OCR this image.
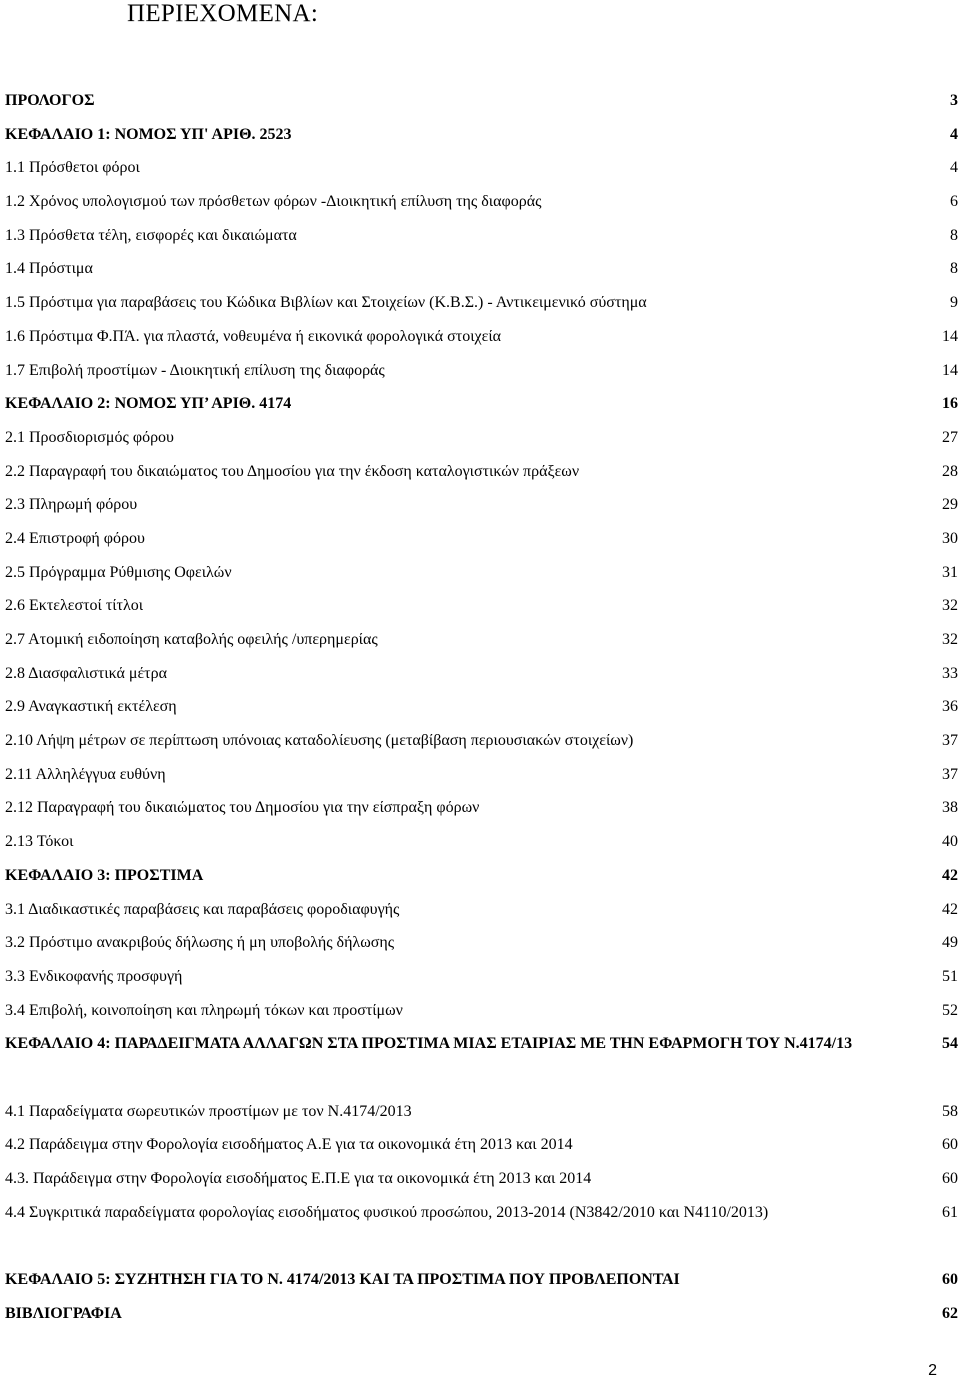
ΠΕΡΙΕΧΟΜΕΝΑ:
ΠΡΟΛΟΓΟΣ	3
ΚΕΦΑΛΑΙΟ 1: ΝΟΜΟΣ ΥΠ' ΑΡΙΘ. 2523	4
1.1 Πρόσθετοι φόροι	4
1.2 Χρόνος υπολογισμού των πρόσθετων φόρων -Διοικητική επίλυση της διαφοράς	6
1.3 Πρόσθετα τέλη, εισφορές και δικαιώματα	8
1.4 Πρόστιμα	8
1.5 Πρόστιμα για παραβάσεις του Κώδικα Βιβλίων και Στοιχείων (Κ.Β.Σ.) - Αντικειμενικό σύστημα	9
1.6 Πρόστιμα Φ.ΠΆ. για πλαστά, νοθευμένα ή εικονικά φορολογικά στοιχεία	14
1.7 Επιβολή προστίμων - Διοικητική επίλυση της διαφοράς	14
ΚΕΦΑΛΑΙΟ 2: ΝΟΜΟΣ ΥΠ’ ΑΡΙΘ. 4174	16
2.1 Προσδιορισμός φόρου	27
2.2 Παραγραφή του δικαιώματος του Δημοσίου για την έκδοση καταλογιστικών πράξεων	28
2.3 Πληρωμή φόρου	29
2.4 Επιστροφή φόρου	30
2.5 Πρόγραμμα Ρύθμισης Οφειλών	31
2.6 Εκτελεστοί τίτλοι	32
2.7 Ατομική ειδοποίηση καταβολής οφειλής /υπερημερίας	32
2.8 Διασφαλιστικά μέτρα	33
2.9 Αναγκαστική εκτέλεση	36
2.10 Λήψη μέτρων σε περίπτωση υπόνοιας καταδολίευσης (μεταβίβαση περιουσιακών στοιχείων)	37
2.11 Αλληλέγγυα ευθύνη	37
2.12 Παραγραφή του δικαιώματος του Δημοσίου για την είσπραξη φόρων	38
2.13 Τόκοι	40
ΚΕΦΑΛΑΙΟ 3: ΠΡΟΣΤΙΜΑ	42
3.1 Διαδικαστικές παραβάσεις και παραβάσεις φοροδιαφυγής	42
3.2 Πρόστιμο ανακριβούς δήλωσης ή μη υποβολής δήλωσης	49
3.3 Ενδικοφανής προσφυγή	51
3.4 Επιβολή, κοινοποίηση και πληρωμή τόκων και προστίμων	52
ΚΕΦΑΛΑΙΟ 4: ΠΑΡΑΔΕΙΓΜΑΤΑ ΑΛΛΑΓΩΝ ΣΤΑ ΠΡΟΣΤΙΜΑ ΜΙΑΣ ΕΤΑΙΡΙΑΣ ΜΕ ΤΗΝ ΕΦΑΡΜΟΓΗ ΤΟΥ Ν.4174/13	54
4.1 Παραδείγματα σωρευτικών προστίμων με τον Ν.4174/2013	58
4.2 Παράδειγμα στην Φορολογία εισοδήματος Α.Ε για τα οικονομικά έτη 2013 και 2014	60
4.3. Παράδειγμα στην Φορολογία εισοδήματος Ε.Π.Ε για τα οικονομικά έτη 2013 και 2014	60
4.4 Συγκριτικά παραδείγματα φορολογίας εισοδήματος φυσικού προσώπου, 2013-2014 (Ν3842/2010 και Ν4110/2013)	61
ΚΕΦΑΛΑΙΟ 5: ΣΥΖΗΤΗΣΗ ΓΙΑ ΤΟ Ν. 4174/2013 ΚΑΙ ΤΑ ΠΡΟΣΤΙΜΑ ΠΟΥ ΠΡΟΒΛΕΠΟΝΤΑΙ	60
ΒΙΒΛΙΟΓΡΑΦΙΑ	62
2
